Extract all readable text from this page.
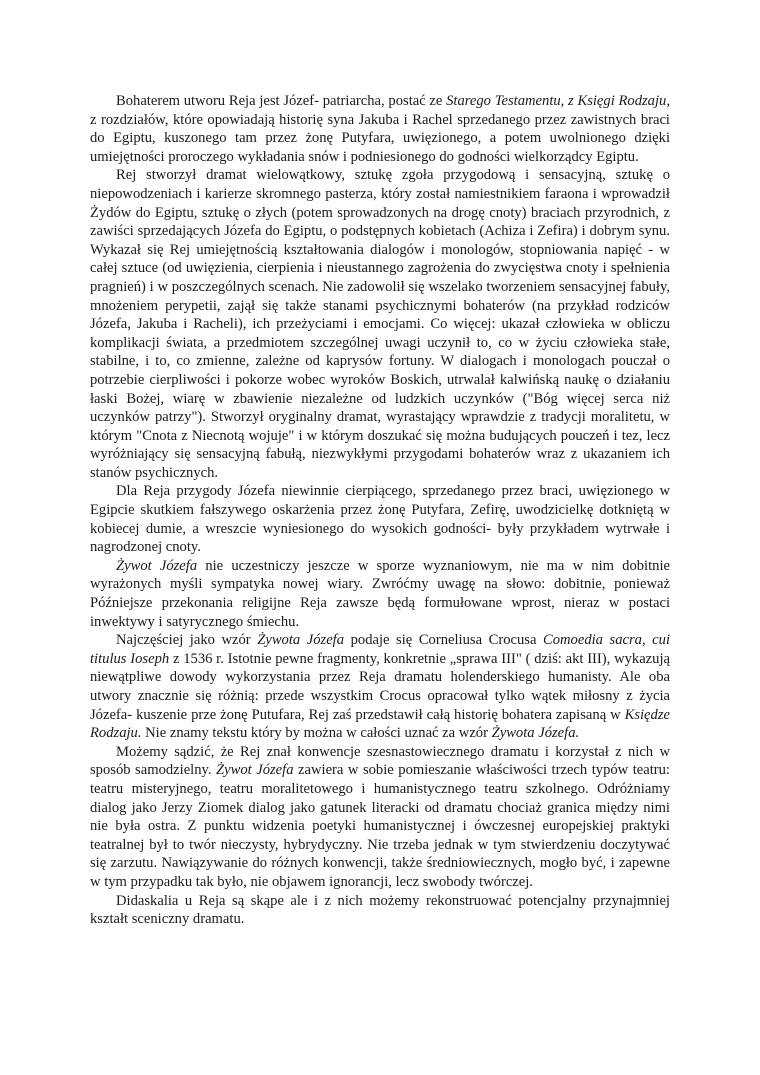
Bohaterem utworu Reja jest Józef- patriarcha, postać ze Starego Testamentu, z Księgi Rodzaju, z rozdziałów, które opowiadają historię syna Jakuba i Rachel sprzedanego przez zawistnych braci do Egiptu, kuszonego tam przez żonę Putyfara, uwięzionego, a potem uwolnionego dzięki umiejętności proroczego wykładania snów i podniesionego do godności wielkorządcy Egiptu.

Rej stworzył dramat wielowątkowy, sztukę zgoła przygodową i sensacyjną, sztukę o niepowodzeniach i karierze skromnego pasterza, który został namiestnikiem faraona i wprowadził Żydów do Egiptu, sztukę o złych (potem sprowadzonych na drogę cnoty) braciach przyrodnich, z zawiści sprzedających Józefa do Egiptu, o podstępnych kobietach (Achiza i Zefira) i dobrym synu. Wykazał się Rej umiejętnością kształtowania dialogów i monologów, stopniowania napięć - w całej sztuce (od uwięzienia, cierpienia i nieustannego zagrożenia do zwycięstwa cnoty i spełnienia pragnień) i w poszczególnych scenach. Nie zadowolił się wszelako tworzeniem sensacyjnej fabuły, mnożeniem perypetii, zajął się także stanami psychicznymi bohaterów (na przykład rodziców Józefa, Jakuba i Racheli), ich przeżyciami i emocjami. Co więcej: ukazał człowieka w obliczu komplikacji świata, a przedmiotem szczególnej uwagi uczynił to, co w życiu człowieka stałe, stabilne, i to, co zmienne, zależne od kaprysów fortuny. W dialogach i monologach pouczał o potrzebie cierpliwości i pokorze wobec wyroków Boskich, utrwalał kalwińską naukę o działaniu łaski Bożej, wiarę w zbawienie niezależne od ludzkich uczynków ("Bóg więcej serca niż uczynków patrzy"). Stworzył oryginalny dramat, wyrastający wprawdzie z tradycji moralitetu, w którym "Cnota z Niecnotą wojuje" i w którym doszukać się można budujących pouczeń i tez, lecz wyróżniający się sensacyjną fabułą, niezwykłymi przygodami bohaterów wraz z ukazaniem ich stanów psychicznych.

Dla Reja przygody Józefa niewinnie cierpiącego, sprzedanego przez braci, uwięzionego w Egipcie skutkiem fałszywego oskarżenia przez żonę Putyfara, Zefirę, uwodzicielkę dotkniętą w kobiecej dumie, a wreszcie wyniesionego do wysokich godności- były przykładem wytrwałe i nagrodzonej cnoty.

Żywot Józefa nie uczestniczy jeszcze w sporze wyznaniowym, nie ma w nim dobitnie wyrażonych myśli sympatyka nowej wiary. Zwróćmy uwagę na słowo: dobitnie, ponieważ Późniejsze przekonania religijne Reja zawsze będą formułowane wprost, nieraz w postaci inwektywy i satyrycznego śmiechu.

Najczęściej jako wzór Żywota Józefa podaje się Corneliusa Crocusa Comoedia sacra, cui titulus Ioseph z 1536 r. Istotnie pewne fragmenty, konkretnie „sprawa III" ( dziś: akt III), wykazują niewątpliwe dowody wykorzystania przez Reja dramatu holenderskiego humanisty. Ale oba utwory znacznie się różnią: przede wszystkim Crocus opracował tylko wątek miłosny z życia Józefa- kuszenie prze żonę Putufara, Rej zaś przedstawił całą historię bohatera zapisaną w Księdze Rodzaju. Nie znamy tekstu który by można w całości uznać za wzór Żywota Józefa.

Możemy sądzić, że Rej znał konwencje szesnastowiecznego dramatu i korzystał z nich w sposób samodzielny. Żywot Józefa zawiera w sobie pomieszanie właściwości trzech typów teatru: teatru misteryjnego, teatru moralitetowego i humanistycznego teatru szkolnego. Odróżniamy dialog jako Jerzy Ziomek dialog jako gatunek literacki od dramatu chociaż granica między nimi nie była ostra. Z punktu widzenia poetyki humanistycznej i ówczesnej europejskiej praktyki teatralnej był to twór nieczysty, hybrydyczny. Nie trzeba jednak w tym stwierdzeniu doczytywać się zarzutu. Nawiązywanie do różnych konwencji, także średniowiecznych, mogło być, i zapewne w tym przypadku tak było, nie objawem ignorancji, lecz swobody twórczej.

Didaskalia u Reja są skąpe ale i z nich możemy rekonstruować potencjalny przynajmniej kształt sceniczny dramatu.
